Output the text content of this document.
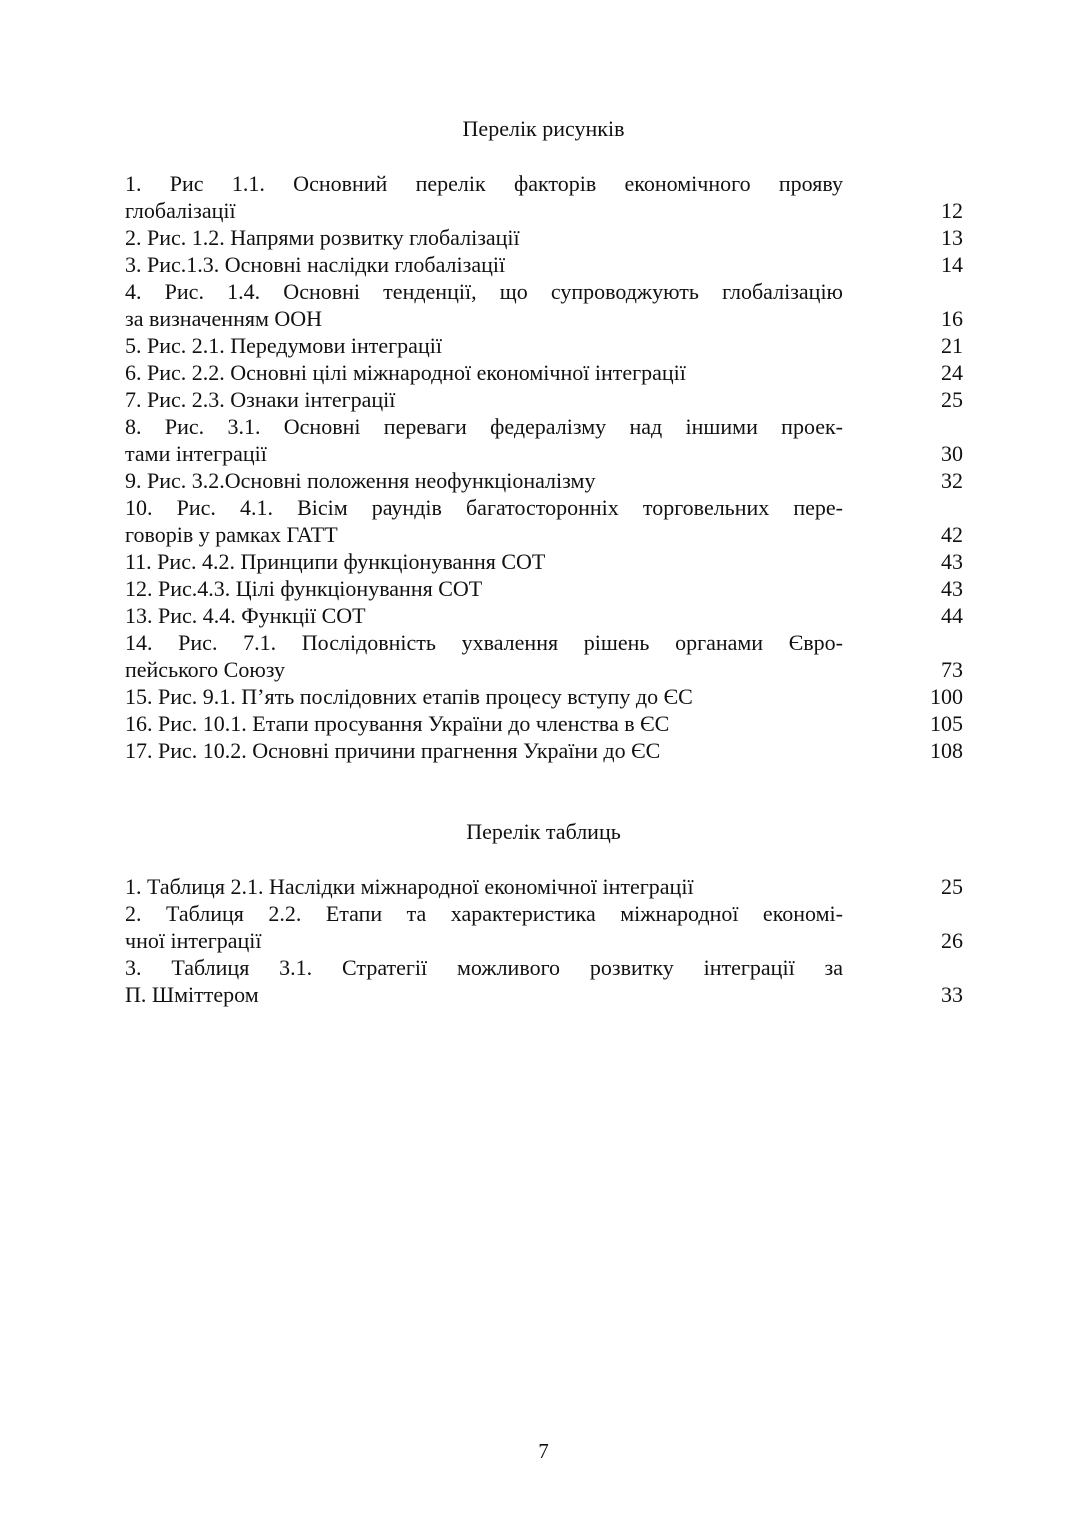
Перелік рисунків
1. Рис 1.1. Основний перелік факторів економічного прояву
глобалізації	12
2. Рис. 1.2. Напрями розвитку глобалізації	13
3. Рис.1.3. Основні наслідки глобалізації	14
4. Рис. 1.4. Основні тенденції, що супроводжують глобалізацію
за визначенням ООН	16
5. Рис. 2.1. Передумови інтеграції	21
6. Рис. 2.2. Основні цілі міжнародної економічної інтеграції	24
7. Рис. 2.3. Ознаки інтеграції	25
8. Рис. 3.1. Основні переваги федералізму над іншими проек-
тами інтеграції	30
9. Рис. 3.2.Основні положення неофункціоналізму	32
10. Рис. 4.1. Вісім раундів багатосторонніх торговельних пере-
говорів у рамках ГАТТ	42
11. Рис. 4.2. Принципи функціонування СОТ	43
12. Рис.4.3. Цілі функціонування СОТ	43
13. Рис. 4.4. Функції СОТ	44
14. Рис. 7.1. Послідовність ухвалення рішень органами Євро-
пейського Союзу	73
15. Рис. 9.1. П’ять послідовних етапів процесу вступу до ЄС	100
16. Рис. 10.1. Етапи просування України до членства в ЄС	105
17. Рис. 10.2. Основні причини прагнення України до ЄС	108
Перелік таблиць
1. Таблиця 2.1. Наслідки міжнародної економічної інтеграції	25
2. Таблиця 2.2. Етапи та характеристика міжнародної економі-
чної інтеграції	26
3. Таблиця 3.1. Стратегії можливого розвитку інтеграції за
П. Шміттером	33
7
